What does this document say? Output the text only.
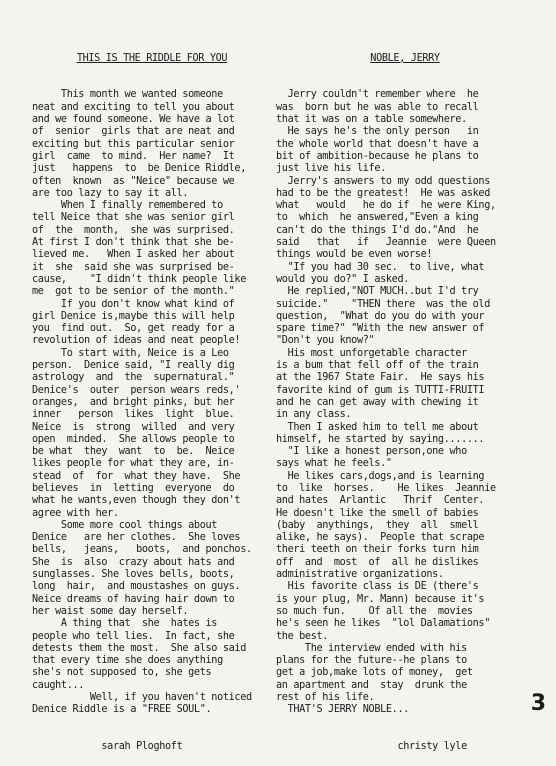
THIS IS THE RIDDLE FOR YOU

This month we wanted someone
neat and exciting to tell you about
and we found someone. We have a lot
of  senior  girls that are neat and
exciting but this particular senior
girl  came  to mind.  Her name?  It
just   happens  to  be Denice Riddle,
often  known  as "Neice" because we
are too lazy to say it all.
When I finally remembered to
tell Neice that she was senior girl
of  the  month,  she was surprised.
At first I don't think that she be-
lieved me.   When I asked her about
it  she  said she was surprised be-
cause,    "I didn't think people like
me  got to be senior of the month."
If you don't know what kind of
girl Denice is,maybe this will help
you  find out.  So, get ready for a
revolution of ideas and neat people!
To start with, Neice is a Leo
person.  Denice said, "I really dig
astrology  and  the  supernatural."
Denice's  outer  person wears reds,'
oranges,  and bright pinks, but her
inner   person  likes  light  blue.
Neice  is  strong  willed  and very
open  minded.  She allows people to
be what  they  want  to  be.  Neice
likes people for what they are, in-
stead  of  for  what they have.  She
believes  in  letting  everyone  do
what he wants,even though they don't
agree with her.
Some more cool things about
Denice   are her clothes.  She loves
bells,   jeans,   boots,  and ponchos.
She  is  also  crazy about hats and
sunglasses. She loves bells, boots,
long  hair,  and moustashes on guys.
Neice dreams of having hair down to
her waist some day herself.
A thing that  she  hates is
people who tell lies.  In fact, she
detests them the most.  She also said
that every time she does anything
she's not supposed to, she gets
caught...
Well, if you haven't noticed
Denice Riddle is a "FREE SOUL".

sarah Ploghoft

NOBLE, JERRY

Jerry couldn't remember where  he
was  born but he was able to recall
that it was on a table somewhere.
He says he's the only person   in
the whole world that doesn't have a
bit of ambition-because he plans to
just live his life.
Jerry's answers to my odd questions
had to be the greatest!  He was asked
what   would   he do if  he were King,
to  which  he answered,"Even a king
can't do the things I'd do."And  he
said   that   if   Jeannie  were Queen
things would be even worse!
"If you had 30 sec.  to live, what
would you do?" I asked.
He replied,"NOT MUCH..but I'd try
suicide."    "THEN there  was the old
question,  "What do you do with your
spare time?" "With the new answer of
"Don't you know?"
His most unforgetable character
is a bum that fell off of the train
at the 1967 State Fair.  He says his
favorite kind of gum is TUTTI-FRUITI
and he can get away with chewing it
in any class.
Then I asked him to tell me about
himself, he started by saying.......
"I like a honest person,one who
says what he feels."
He likes cars,dogs,and is learning
to  like  horses.    He likes  Jeannie
and hates  Arlantic   Thrif  Center.
He doesn't like the smell of babies
(baby  anythings,  they  all  smell
alike, he says).  People that scrape
theri teeth on their forks turn him
off  and  most  of  all he dislikes
administrative organizations.
His favorite class is DE (there's
is your plug, Mr. Mann) because it's
so much fun.    Of all the  movies
he's seen he likes  "lol Dalamations"
the best.
The interview ended with his
plans for the future--he plans to
get a job,make lots of money,  get
an apartment and  stay  drunk the
rest of his life.
THAT'S JERRY NOBLE...

christy lyle

3
